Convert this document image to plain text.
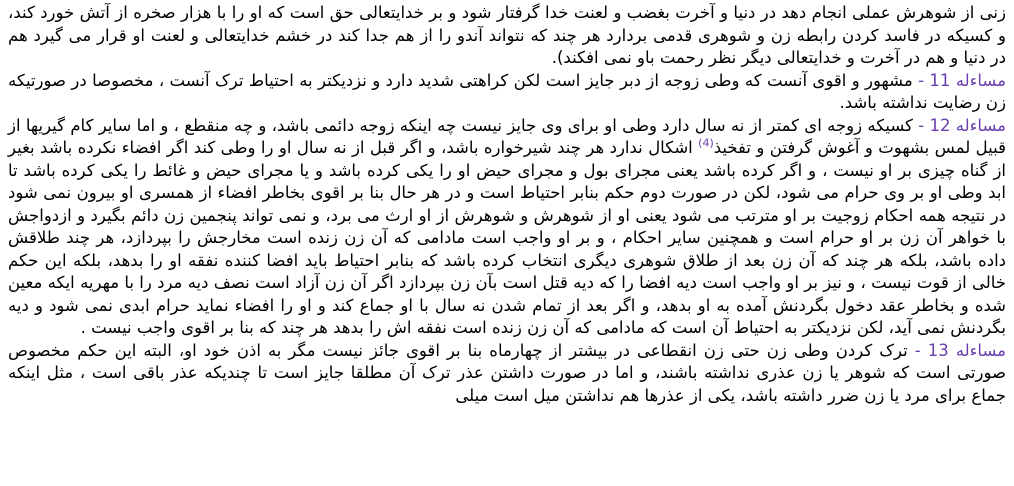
زنی از شوهرش عملی انجام دهد در دنیا و آخرت بغضب و لعنت خدا گرفتار شود و بر خدایتعالی حق است که او را با هزار صخره از آتش خورد کند، و کسیکه در فاسد کردن رابطه زن و شوهری قدمی بردارد هر چند که نتواند آندو را از هم جدا کند در خشم خدایتعالی و لعنت او قرار می گیرد هم در دنیا و هم در آخرت و خدایتعالی دیگر نظر رحمت باو نمی افکند).

مساءله 11 - مشهور و اقوی آنست که وطی زوجه از دبر جایز است لکن کراهتی شدید دارد و نزدیکتر به احتیاط ترک آنست ، مخصوصا در صورتیکه زن رضایت نداشته باشد.

مساءله 12 - کسیکه زوجه ای کمتر از نه سال دارد وطی او برای وی جایز نیست چه اینکه زوجه دائمی باشد، و چه منقطع ، و اما سایر کام گیریها از قبیل لمس بشهوت و آغوش گرفتن و تفخیذ$^{(4)}$ اشکال ندارد هر چند شیرخواره باشد، و اگر قبل از نه سال او را وطی کند اگر افضاء نکرده باشد بغیر از گناه چیزی بر او نیست ، و اگر کرده باشد یعنی مجرای بول و مجرای حیض او را یکی کرده باشد و یا مجرای حیض و غائط را یکی کرده باشد تا ابد وطی او بر وی حرام می شود، لکن در صورت دوم حکم بنابر احتیاط است و در هر حال بنا بر اقوی بخاطر افضاء از همسری او بیرون نمی شود در نتیجه همه احکام زوجیت بر او مترتب می شود یعنی او از شوهرش و شوهرش از او ارث می برد، و نمی تواند پنجمین زن دائم بگیرد و ازدواجش با خواهر آن زن بر او حرام است و همچنین سایر احکام ، و بر او واجب است مادامی که آن زن زنده است مخارجش را بپردازد، هر چند طلاقش داده باشد، بلکه هر چند که آن زن بعد از طلاق شوهری دیگری انتخاب کرده باشد که بنابر احتیاط باید افضا کننده نفقه او را بدهد، بلکه این حکم خالی از قوت نیست ، و نیز بر او واجب است دیه افضا را که دیه قتل است بآن زن بپردازد اگر آن زن آزاد است نصف دیه مرد را با مهریه ایکه معین شده و بخاطر عقد دخول بگردنش آمده به او بدهد، و اگر بعد از تمام شدن نه سال با او جماع کند و او را افضاء نماید حرام ابدی نمی شود و دیه بگردنش نمی آید، لکن نزدیکتر به احتیاط آن است که مادامی که آن زن زنده است نفقه اش را بدهد هر چند که بنا بر اقوی واجب نیست .

مساءله 13 - ترک کردن وطی زن حتی زن انقطاعی در بیشتر از چهارماه بنا بر اقوی جائز نیست مگر به اذن خود او، البته این حکم مخصوص صورتی است که شوهر یا زن عذری نداشته باشند، و اما در صورت داشتن عذر ترک آن مطلقا جایز است تا چندیکه عذر باقی است ، مثل اینکه جماع برای مرد یا زن ضرر داشته باشد، یکی از عذرها هم نداشتن میل است میلی
